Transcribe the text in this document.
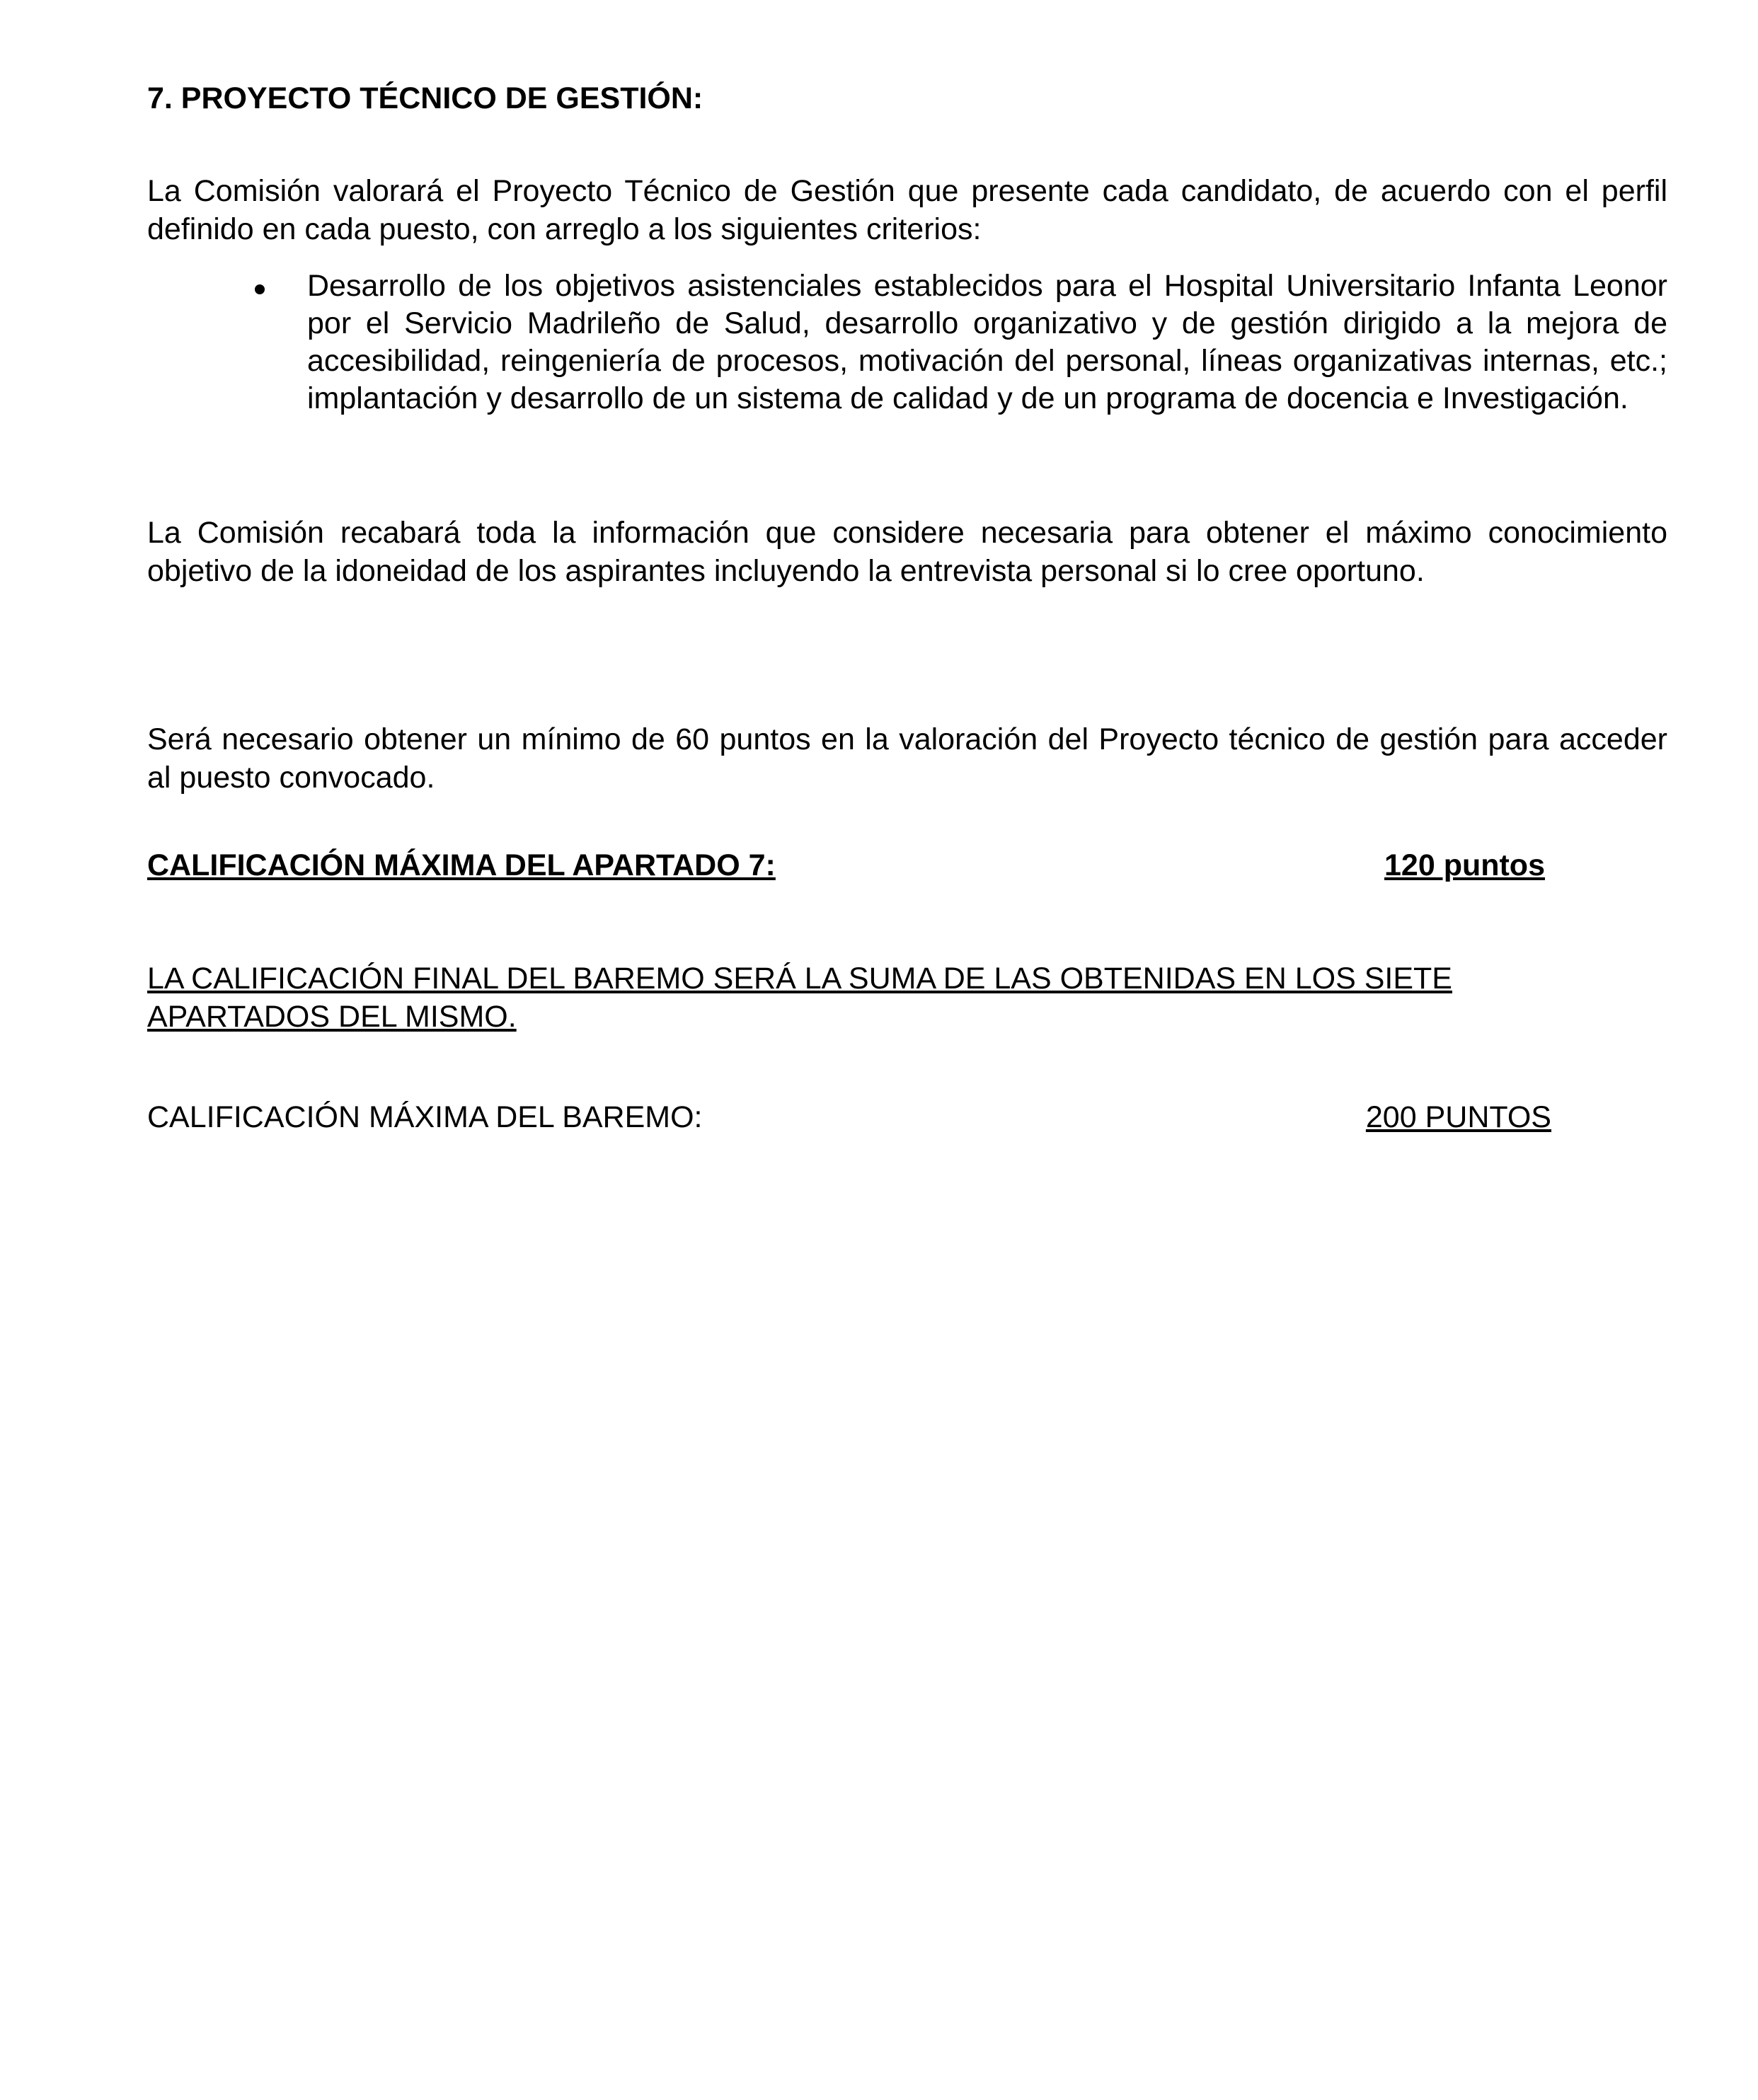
7. PROYECTO TÉCNICO DE GESTIÓN:
La Comisión valorará el Proyecto Técnico de Gestión que presente cada candidato, de acuerdo con el perfil definido en cada puesto, con arreglo a los siguientes criterios:
Desarrollo de los objetivos asistenciales establecidos para el Hospital Universitario Infanta Leonor por el Servicio Madrileño de Salud, desarrollo organizativo y de gestión dirigido a la mejora de accesibilidad, reingeniería de procesos, motivación del personal, líneas organizativas internas, etc.; implantación y desarrollo de un sistema de calidad y de un programa de docencia e Investigación.
La Comisión recabará toda la información que considere necesaria para obtener el máximo conocimiento objetivo de la idoneidad de los aspirantes incluyendo la entrevista personal si lo cree oportuno.
Será necesario obtener un mínimo de 60 puntos en la valoración del Proyecto técnico de gestión para acceder al puesto convocado.
CALIFICACIÓN MÁXIMA DEL APARTADO 7:	120 puntos
LA CALIFICACIÓN FINAL DEL BAREMO SERÁ LA SUMA DE LAS OBTENIDAS EN LOS SIETE APARTADOS DEL MISMO.
CALIFICACIÓN MÁXIMA DEL BAREMO:	200 PUNTOS
